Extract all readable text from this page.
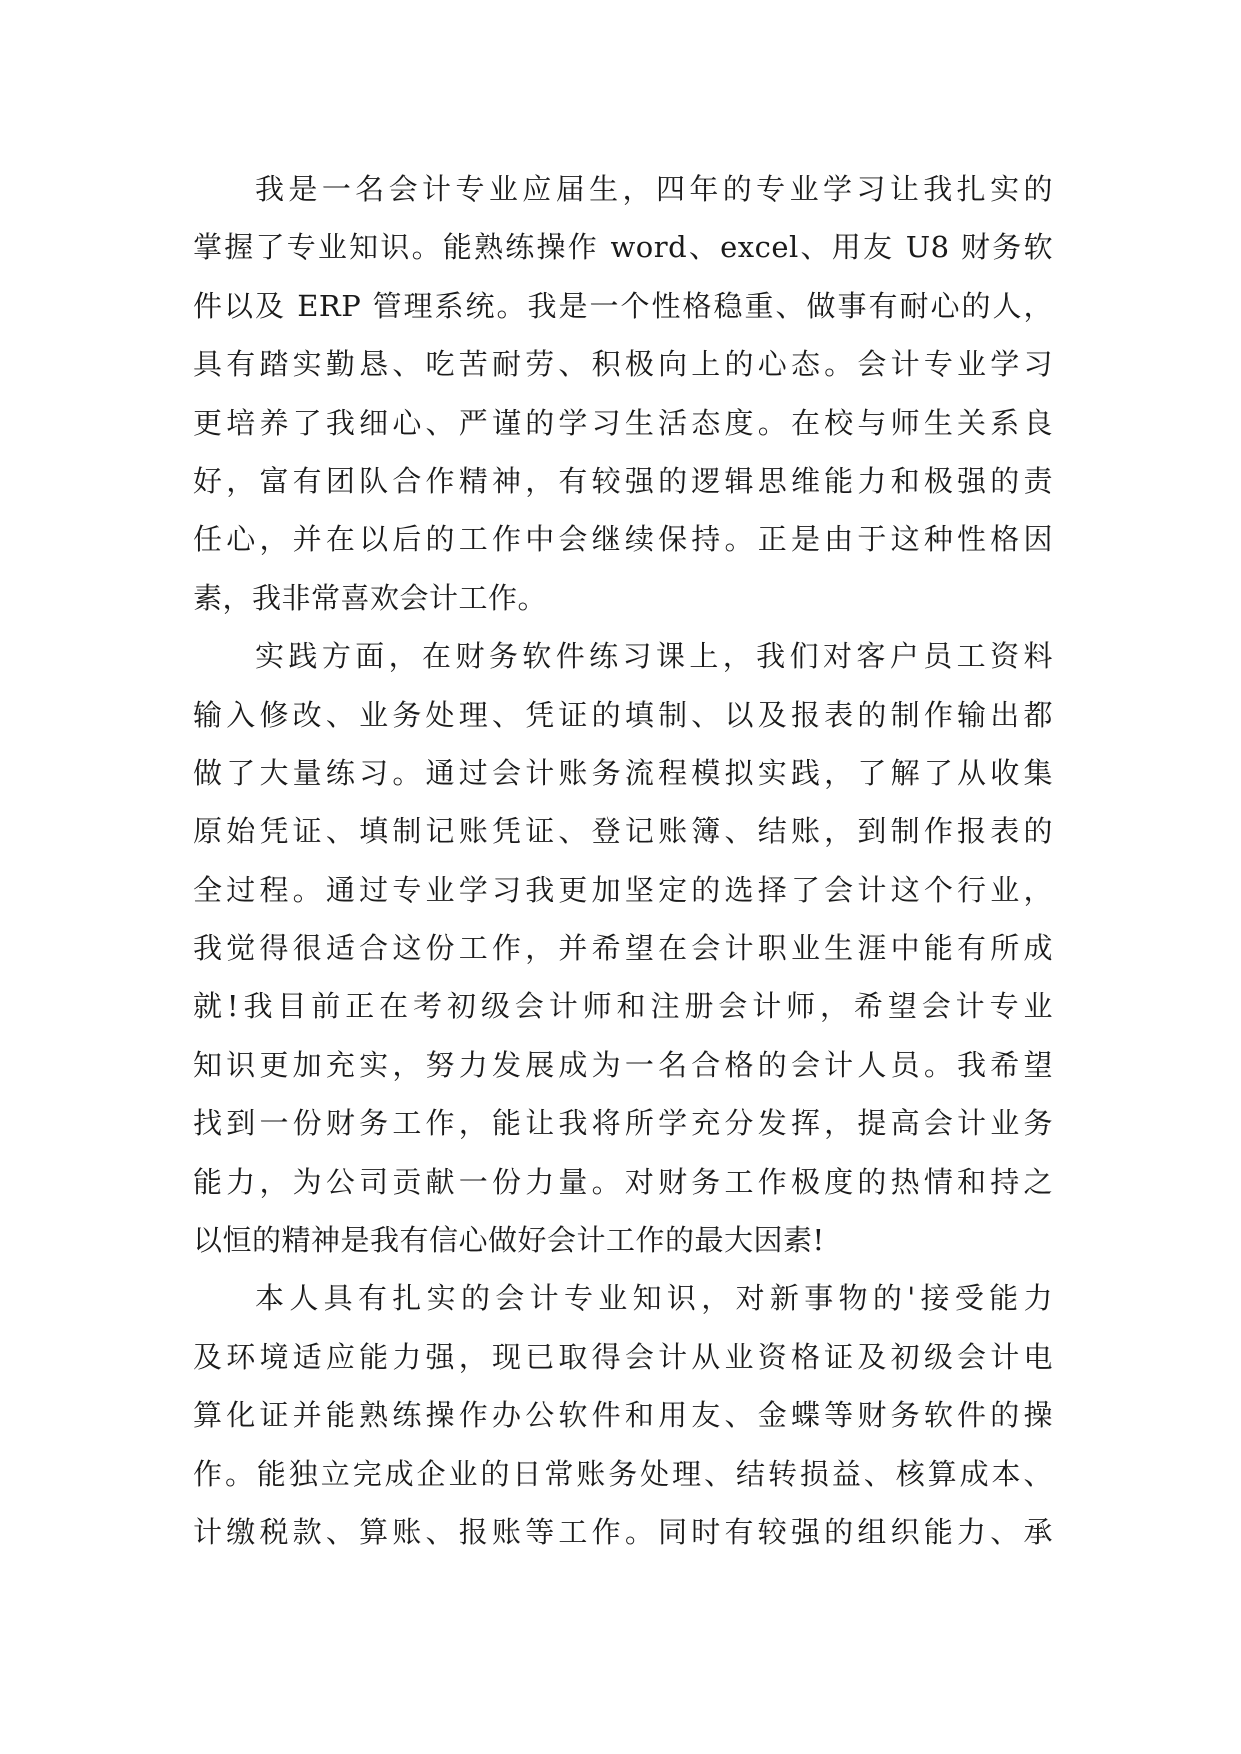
我是一名会计专业应届生，四年的专业学习让我扎实的
掌握了专业知识。能熟练操作 word、excel、用友 U8 财务软
件以及 ERP 管理系统。我是一个性格稳重、做事有耐心的人，
具有踏实勤恳、吃苦耐劳、积极向上的心态。会计专业学习
更培养了我细心、严谨的学习生活态度。在校与师生关系良
好，富有团队合作精神，有较强的逻辑思维能力和极强的责
任心，并在以后的工作中会继续保持。正是由于这种性格因
素，我非常喜欢会计工作。
实践方面，在财务软件练习课上，我们对客户员工资料
输入修改、业务处理、凭证的填制、以及报表的制作输出都
做了大量练习。通过会计账务流程模拟实践，了解了从收集
原始凭证、填制记账凭证、登记账簿、结账，到制作报表的
全过程。通过专业学习我更加坚定的选择了会计这个行业，
我觉得很适合这份工作，并希望在会计职业生涯中能有所成
就!我目前正在考初级会计师和注册会计师，希望会计专业
知识更加充实，努力发展成为一名合格的会计人员。我希望
找到一份财务工作，能让我将所学充分发挥，提高会计业务
能力，为公司贡献一份力量。对财务工作极度的热情和持之
以恒的精神是我有信心做好会计工作的最大因素!
本人具有扎实的会计专业知识，对新事物的'接受能力
及环境适应能力强，现已取得会计从业资格证及初级会计电
算化证并能熟练操作办公软件和用友、金蝶等财务软件的操
作。能独立完成企业的日常账务处理、结转损益、核算成本、
计缴税款、算账、报账等工作。同时有较强的组织能力、承
